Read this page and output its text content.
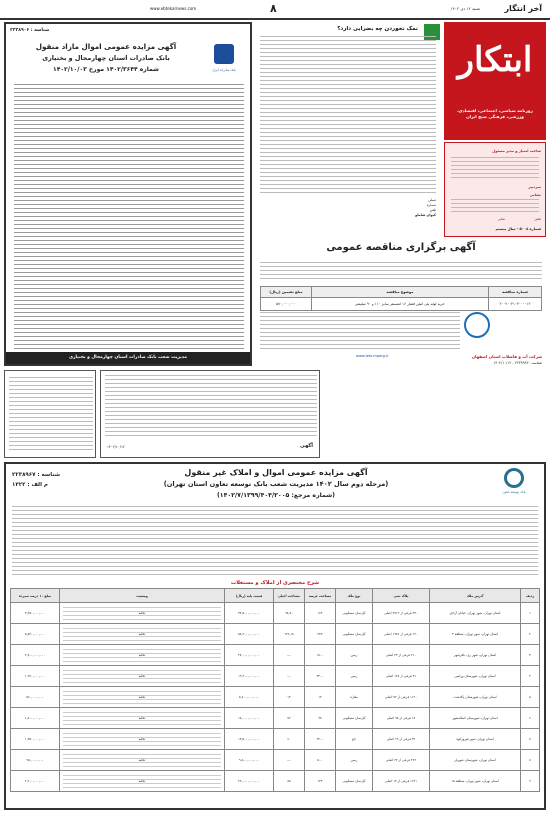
آخر انتگار
۸	شنبه ۱۲ دی ۱۴۰۲
www.ebtekarnews.com
ابتکار
روزنامه سیاسی، اجتماعی، اقتصادی، ورزشی، فرهنگی صبح ایران
صاحب امتیاز و مدیر مسئول
سردبیر
نشانی
تلفن
نمابر
شماره ۵۰۰۸ - سال بیستم
نمک نخوردن چه بضرایی دارد؟
تسلی
شماره
تلفن
کیوان شاملو
شناسه : ۲۲۳۸۹۰۶
بانک صادرات ایران
آگهی مزایده عمومی اموال مازاد منقول
بانک صادرات استان چهارمحال و بختیاری
شماره ۱۴۰۲/۳۶۴۴ مورخ ۱۴۰۲/۱۰/۰۳
مدیریت شعب بانک صادرات استان چهارمحال و بختیاری
آگهی برگزاری مناقصه عمومی
شماره مناقصه	موضوع مناقصه	مبلغ تضمین (ریال)
۲۰۰۲۰۰۴۱۰۳۰۰۰۰۱۲	خرید لوله پلی اتیلن فشار ۱۶ اتمسفر سایز ۱۱۰ و ۹۰ میلیمتر	۵۷۰,۰۰۰,۰۰۰
www.iets.mporg.ir	شرکت آب و فاضلاب استان اصفهان
شناسه : ۲۲۳۹۹۹۳ - ۱۴۰۲/۱۰/۱۲
۱۴۰۲/۱۰/۱۲	آگهی
شناسه : ۲۲۳۸۹۶۷
م الف : ۱۴۲۲
بانک توسعه تعاون
آگهی مزایده عمومی اموال و املاک غیر منقول
(مرحله دوم سال ۱۴۰۲ مدیریت شعب بانک توسعه تعاون استان تهران)
(شماره مرجع: ۱۴۰۲/۷/۱۳۹۹/۴۰۴/۲۰۰۵)
شرح مختصری از املاک و مستغلات
ردیف	آدرس ملک	پلاک ثبتی	نوع ملک	مساحت عرصه	مساحت اعیان	قیمت پایه (ریال)	وضعیت	مبلغ ۱۰ درصد سپرده
۱	استان تهران، شهر تهران، خیابان آزادی	۲۴۰ فرعی از ۲۷۱۲ اصلی	آپارتمان مسکونی	۱۶۴	۹۸,۷۰	۳۴,۵۰۰,۰۰۰,۰۰۰	تخلیه	۳,۴۵۰,۰۰۰,۰۰۰
۲	استان تهران، شهر تهران، منطقه ۴	۱۲۰ فرعی از ۱۹۸۶ اصلی	آپارتمان مسکونی	۲۴۷	۱۴۹,۱۸	۵۸,۲۰۰,۰۰۰,۰۰۰	تخلیه	۵,۸۲۰,۰۰۰,۰۰۰
۳	استان تهران، شهر ری، باقرشهر	۲۱۰ فرعی از ۲۳ اصلی	زمین	۱۸۰۰	---	۲۷,۰۰۰,۰۰۰,۰۰۰	تخلیه	۲,۷۰۰,۰۰۰,۰۰۰
۴	استان تهران، شهرستان ورامین	۳۱ فرعی از ۱۲۸ اصلی	زمین	۲۴۰۰	---	۱۹,۲۰۰,۰۰۰,۰۰۰	تخلیه	۱,۹۲۰,۰۰۰,۰۰۰
۵	استان تهران، شهرستان پاکدشت	۱۱۲۰ فرعی از ۷۲ اصلی	مغازه	۱۴	۱۴	۵,۶۰۰,۰۰۰,۰۰۰	تخلیه	۵۶۰,۰۰۰,۰۰۰
۶	استان تهران، شهرستان اسلامشهر	۱۸ فرعی از ۹۵ اصلی	آپارتمان مسکونی	۹۸	۷۲	۱۸,۰۰۰,۰۰۰,۰۰۰	تخلیه	۱,۸۰۰,۰۰۰,۰۰۰
۷	استان تهران، شهر فیروزکوه	۴۲ فرعی از ۶۹ اصلی	باغ	۲۲۰۰	۶۰	۱۳,۵۰۰,۰۰۰,۰۰۰	تخلیه	۱,۳۵۰,۰۰۰,۰۰۰
۸	استان تهران، شهرستان شهریار	۴۶۹ فرعی از ۲۲ اصلی	زمین	۵۰۰	---	۹,۵۰۰,۰۰۰,۰۰۰	تخلیه	۹۵۰,۰۰۰,۰۰۰
۹	استان تهران، شهر تهران، منطقه ۱۵	۱۶۹۱ فرعی از ۱۲ اصلی	آپارتمان مسکونی	۱۲۴	۸۵	۲۲,۰۰۰,۰۰۰,۰۰۰	تخلیه	۲,۲۰۰,۰۰۰,۰۰۰
